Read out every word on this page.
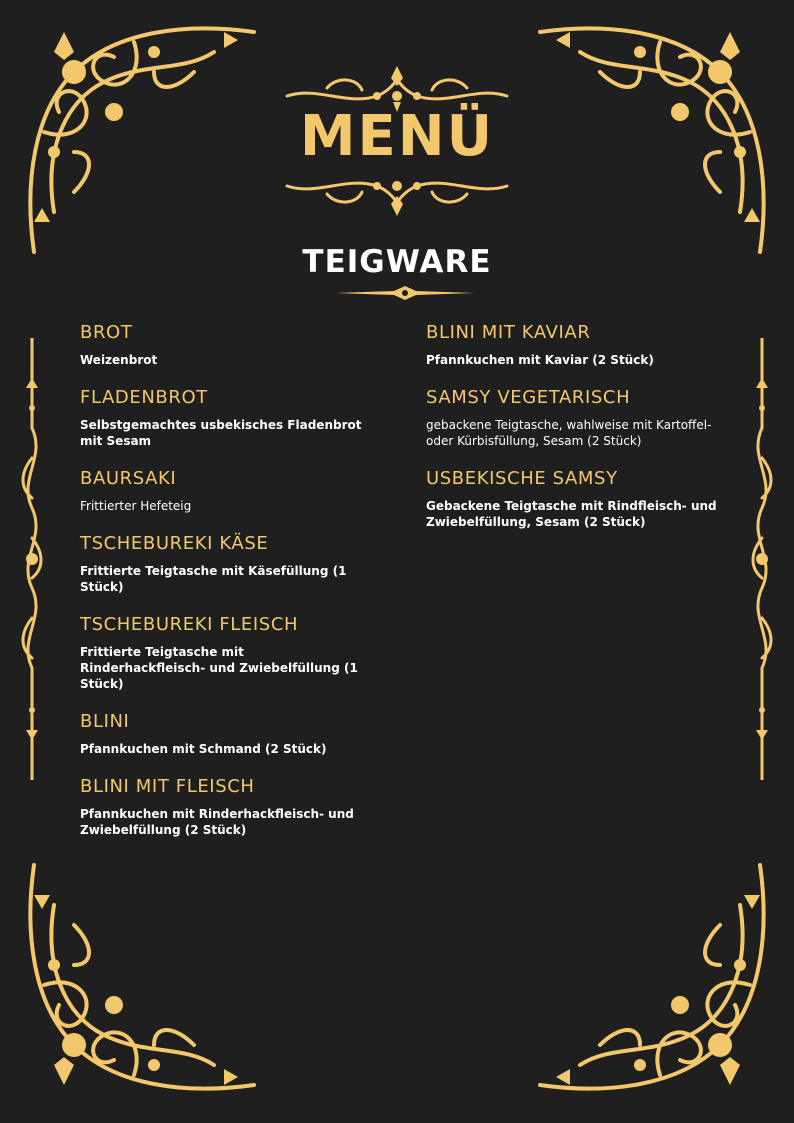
MENÜ
TEIGWARE

BROT

Weizenbrot

FLADENBROT

Selbstgemachtes usbekisches Fladenbrot mit Sesam

BAURSAKI

Frittierter Hefeteig

TSCHEBUREKI KÄSE

Frittierte Teigtasche mit Käsefüllung (1 Stück)

TSCHEBUREKI FLEISCH

Frittierte Teigtasche mit Rinderhackfleisch- und Zwiebelfüllung (1 Stück)

BLINI

Pfannkuchen mit Schmand (2 Stück)

BLINI MIT FLEISCH

Pfannkuchen mit Rinderhackfleisch- und Zwiebelfüllung (2 Stück)

BLINI MIT KAVIAR

Pfannkuchen mit Kaviar (2 Stück)

SAMSY VEGETARISCH

gebackene Teigtasche, wahlweise mit Kartoffel- oder Kürbisfüllung, Sesam (2 Stück)

USBEKISCHE SAMSY

Gebackene Teigtasche mit Rindfleisch- und Zwiebelfüllung, Sesam (2 Stück)
